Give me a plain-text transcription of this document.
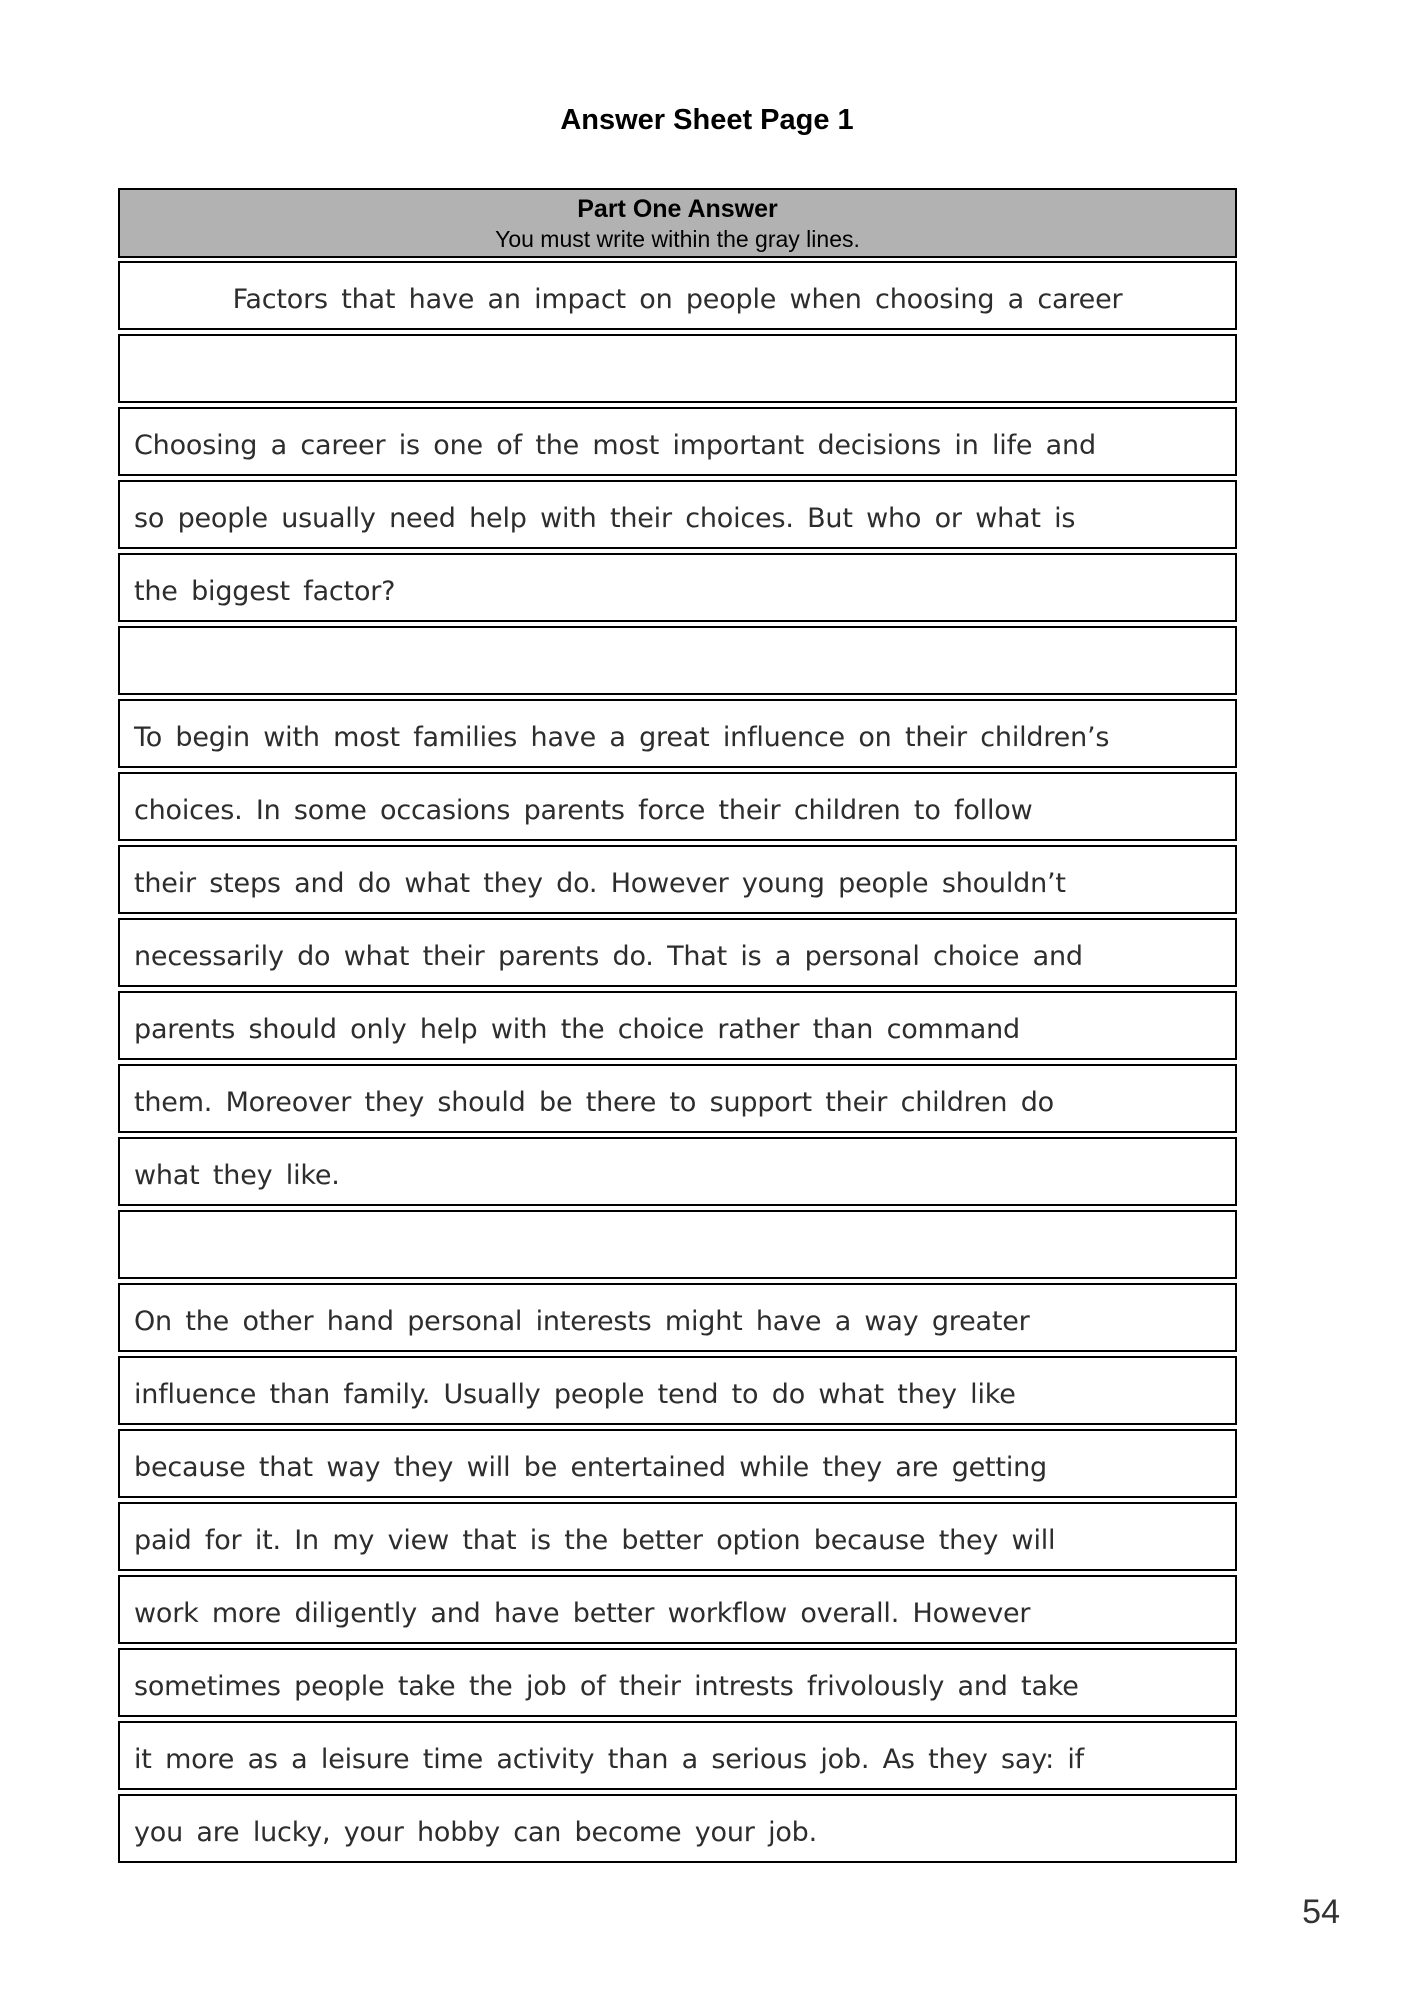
Answer Sheet Page 1
Part One Answer
You must write within the gray lines.
Factors that have an impact on people when choosing a career
Choosing a career is one of the most important decisions in life and
so people usually need help with their choices. But who or what is
the biggest factor?
To begin with most families have a great influence on their children’s
choices. In some occasions parents force their children to follow
their steps and do what they do. However young people shouldn’t
necessarily do what their parents do. That is a personal choice and
parents should only help with the choice rather than command
them. Moreover they should be there to support their children do
what they like.
On the other hand personal interests might have a way greater
influence than family. Usually people tend to do what they like
because that way they will be entertained while they are getting
paid for it. In my view that is the better option because they will
work more diligently and have better workflow overall. However
sometimes people take the job of their intrests frivolously and take
it more as a leisure time activity than a serious job. As they say: if
you are lucky, your hobby can become your job.
54
